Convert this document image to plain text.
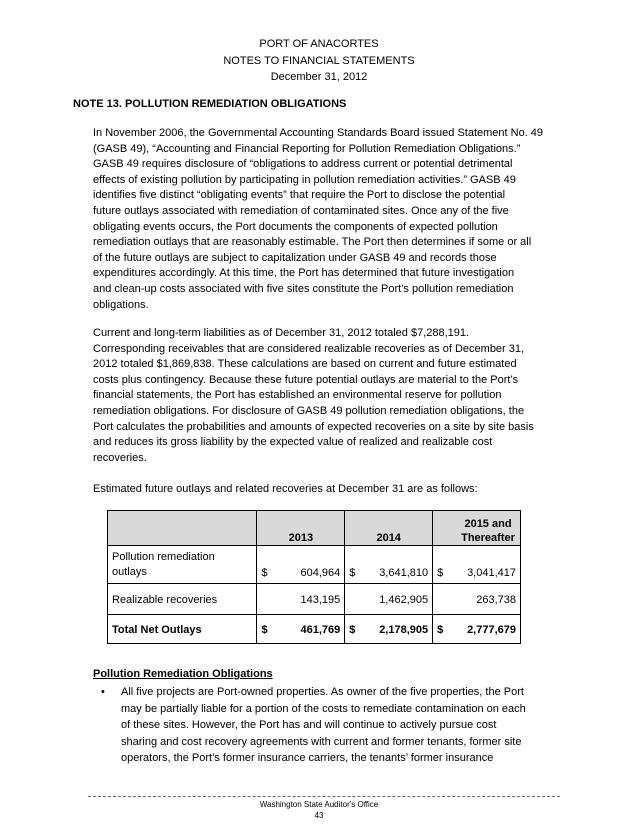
PORT OF ANACORTES
NOTES TO FINANCIAL STATEMENTS
December 31, 2012
NOTE 13. POLLUTION REMEDIATION OBLIGATIONS

In November 2006, the Governmental Accounting Standards Board issued Statement No. 49

(GASB 49), “Accounting and Financial Reporting for Pollution Remediation Obligations.”

GASB 49 requires disclosure of “obligations to address current or potential detrimental

effects of existing pollution by participating in pollution remediation activities.” GASB 49

identifies five distinct “obligating events” that require the Port to disclose the potential

future outlays associated with remediation of contaminated sites. Once any of the five

obligating events occurs, the Port documents the components of expected pollution

remediation outlays that are reasonably estimable. The Port then determines if some or all

of the future outlays are subject to capitalization under GASB 49 and records those

expenditures accordingly. At this time, the Port has determined that future investigation

and clean-up costs associated with five sites constitute the Port’s pollution remediation

obligations.

Current and long-term liabilities as of December 31, 2012 totaled $7,288,191.

Corresponding receivables that are considered realizable recoveries as of December 31,

2012 totaled $1,869,838. These calculations are based on current and future estimated

costs plus contingency. Because these future potential outlays are material to the Port’s

financial statements, the Port has established an environmental reserve for pollution

remediation obligations. For disclosure of GASB 49 pollution remediation obligations, the

Port calculates the probabilities and amounts of expected recoveries on a site by site basis

and reduces its gross liability by the expected value of realized and realizable cost

recoveries.

Estimated future outlays and related recoveries at December 31 are as follows:
	2013	2014	2015 and Thereafter
Pollution remediation outlays	$ 604,964	$ 3,641,810	$ 3,041,417

Realizable recoveries	143,195	1,462,905	263,738

Total Net Outlays	$ 461,769	$ 2,178,905	$ 2,777,679
Pollution Remediation Obligations
• All five projects are Port-owned properties. As owner of the five properties, the Port

may be partially liable for a portion of the costs to remediate contamination on each

of these sites. However, the Port has and will continue to actively pursue cost

sharing and cost recovery agreements with current and former tenants, former site

operators, the Port’s former insurance carriers, the tenants’ former insurance

Washington State Auditor's Office
43
